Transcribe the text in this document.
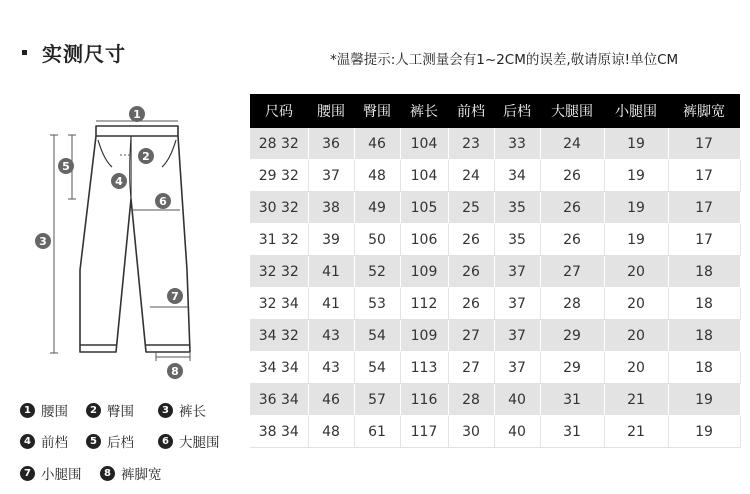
实测尺寸	*温馨提示:人工测量会有1~2CM的误差,敬请原谅!单位CM
1
2
3
4
5
6
7
8
1 腰围	2 臀围	3 裤长
4 前档	5 后档	6 大腿围
7 小腿围	8 裤脚宽
尺码	腰围	臀围	裤长	前档	后档	大腿围	小腿围	裤脚宽
28 32	36	46	104	23	33	24	19	17
29 32	37	48	104	24	34	26	19	17
30 32	38	49	105	25	35	26	19	17
31 32	39	50	106	26	35	26	19	17
32 32	41	52	109	26	37	27	20	18
32 34	41	53	112	26	37	28	20	18
34 32	43	54	109	27	37	29	20	18
34 34	43	54	113	27	37	29	20	18
36 34	46	57	116	28	40	31	21	19
38 34	48	61	117	30	40	31	21	19
